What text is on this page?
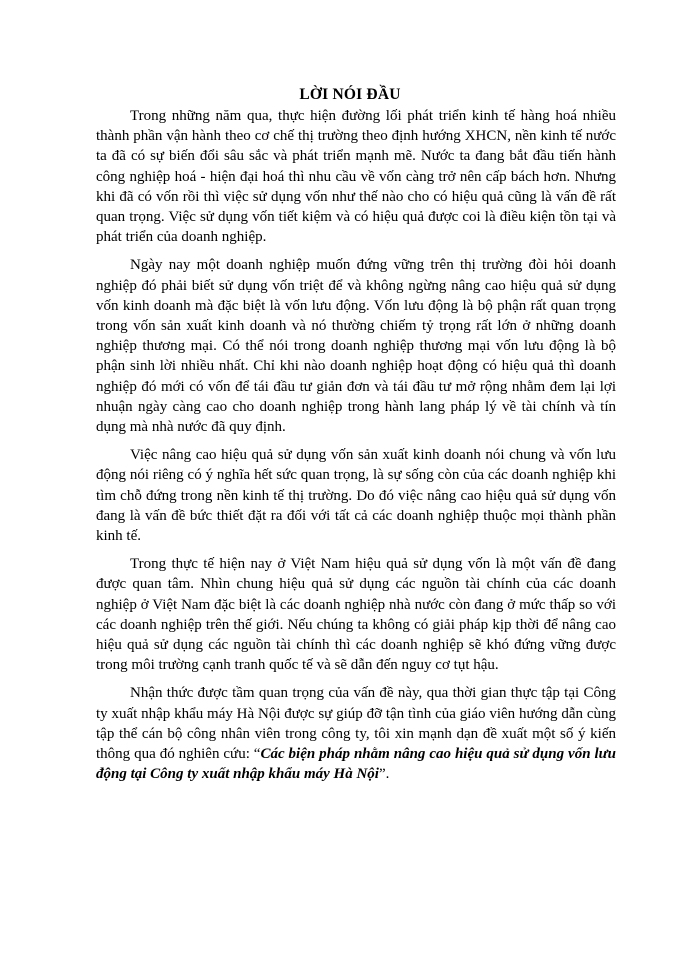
LỜI NÓI ĐẦU

Trong những năm qua, thực hiện đường lối phát triển kinh tế hàng hoá nhiều thành phần vận hành theo cơ chế thị trường theo định hướng XHCN, nền kinh tế nước ta đã có sự biến đổi sâu sắc và phát triển mạnh mẽ. Nước ta đang bắt đầu tiến hành công nghiệp hoá - hiện đại hoá thì nhu cầu về vốn càng trở nên cấp bách hơn. Nhưng khi đã có vốn rồi thì việc sử dụng vốn như thế nào cho có hiệu quả cũng là vấn đề rất quan trọng. Việc sử dụng vốn tiết kiệm và có hiệu quả được coi là điều kiện tồn tại và phát triển của doanh nghiệp.

Ngày nay một doanh nghiệp muốn đứng vững trên thị trường đòi hỏi doanh nghiệp đó phải biết sử dụng vốn triệt để và không ngừng nâng cao hiệu quả sử dụng vốn kinh doanh mà đặc biệt là vốn lưu động. Vốn lưu động là bộ phận rất quan trọng trong vốn sản xuất kinh doanh và nó thường chiếm tỷ trọng rất lớn ở những doanh nghiệp thương mại. Có thể nói trong doanh nghiệp thương mại vốn lưu động là bộ phận sinh lời nhiều nhất. Chỉ khi nào doanh nghiệp hoạt động có hiệu quả thì doanh nghiệp đó mới có vốn để tái đầu tư giản đơn và tái đầu tư mở rộng nhằm đem lại lợi nhuận ngày càng cao cho doanh nghiệp trong hành lang pháp lý về tài chính và tín dụng mà nhà nước đã quy định.

Việc nâng cao hiệu quả sử dụng vốn sản xuất kinh doanh nói chung và vốn lưu động nói riêng có ý nghĩa hết sức quan trọng, là sự sống còn của các doanh nghiệp khi tìm chỗ đứng trong nền kinh tế thị trường. Do đó việc nâng cao hiệu quả sử dụng vốn đang là vấn đề bức thiết đặt ra đối với tất cả các doanh nghiệp thuộc mọi thành phần kinh tế.

Trong thực tế hiện nay ở Việt Nam hiệu quả sử dụng vốn là một vấn đề đang được quan tâm. Nhìn chung hiệu quả sử dụng các nguồn tài chính của các doanh nghiệp ở Việt Nam đặc biệt là các doanh nghiệp nhà nước còn đang ở mức thấp so với các doanh nghiệp trên thế giới. Nếu chúng ta không có giải pháp kịp thời để nâng cao hiệu quả sử dụng các nguồn tài chính thì các doanh nghiệp sẽ khó đứng vững được trong môi trường cạnh tranh quốc tế và sẽ dẫn đến nguy cơ tụt hậu.

Nhận thức được tầm quan trọng của vấn đề này, qua thời gian thực tập tại Công ty xuất nhập khẩu máy Hà Nội được sự giúp đỡ tận tình của giáo viên hướng dẫn cùng tập thể cán bộ công nhân viên trong công ty, tôi xin mạnh dạn đề xuất một số ý kiến thông qua đó nghiên cứu: “Các biện pháp nhằm nâng cao hiệu quả sử dụng vốn lưu động tại Công ty xuất nhập khẩu máy Hà Nội”.
